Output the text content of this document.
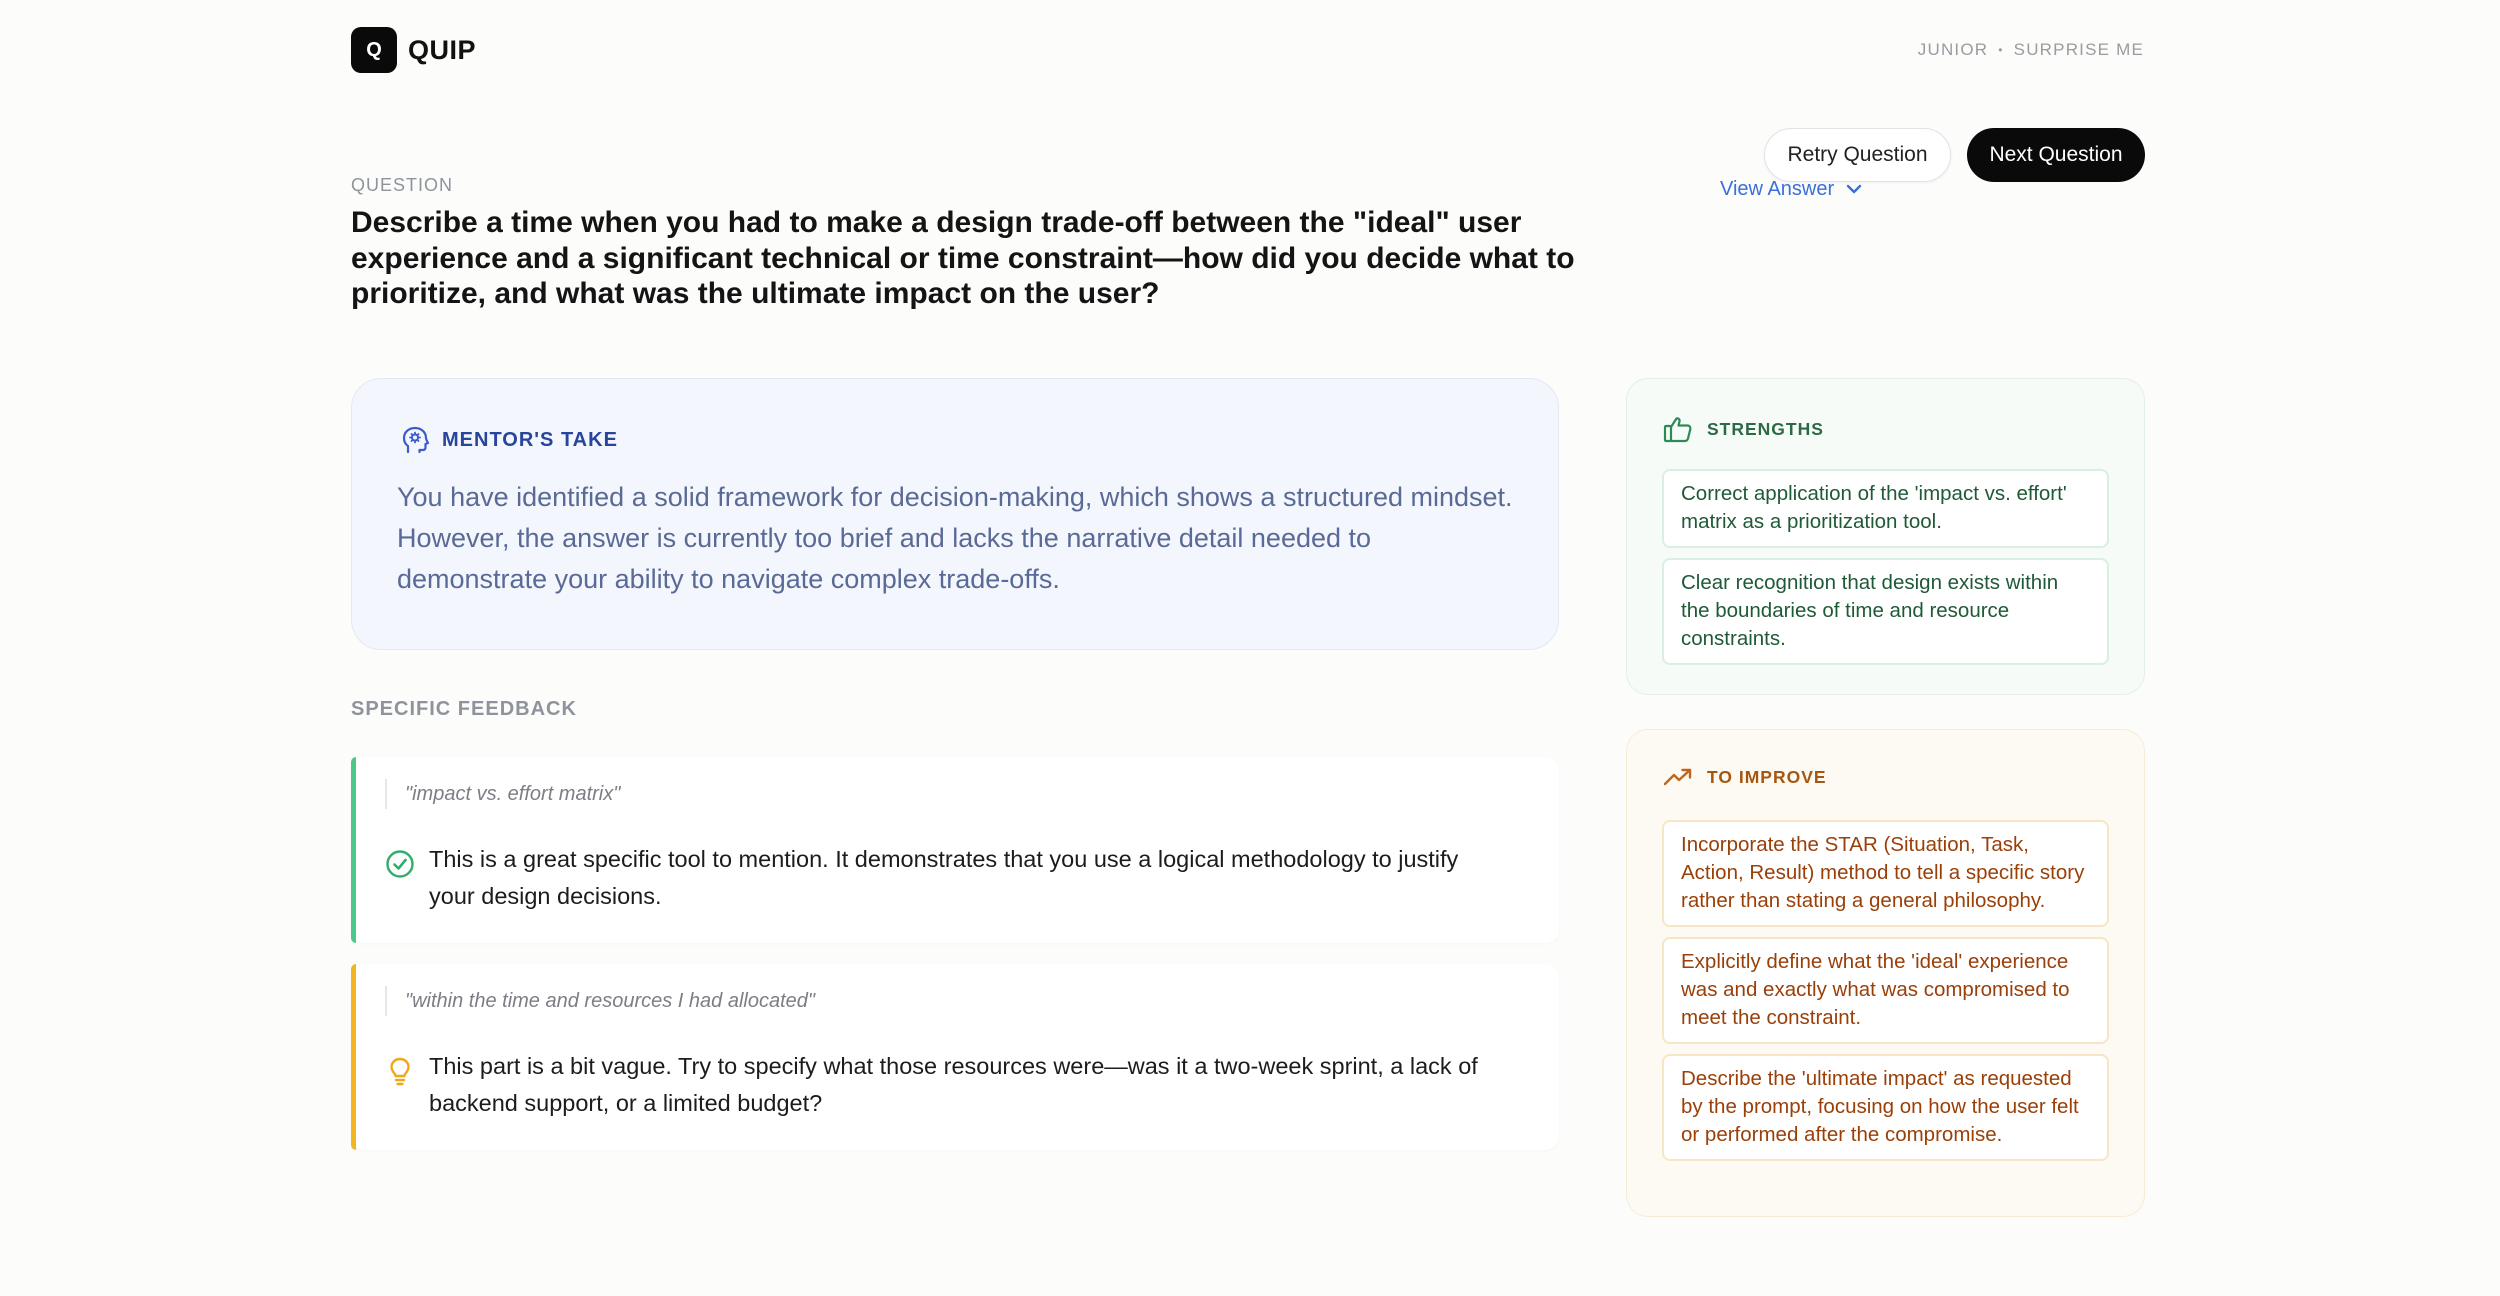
Q QUIP	JUNIOR • SURPRISE ME
Retry Question	Next Question
View Answer
QUESTION
Describe a time when you had to make a design trade-off between the "ideal" user experience and a significant technical or time constraint—how did you decide what to prioritize, and what was the ultimate impact on the user?
MENTOR'S TAKE
You have identified a solid framework for decision-making, which shows a structured mindset. However, the answer is currently too brief and lacks the narrative detail needed to demonstrate your ability to navigate complex trade-offs.
SPECIFIC FEEDBACK
"impact vs. effort matrix"
This is a great specific tool to mention. It demonstrates that you use a logical methodology to justify your design decisions.
"within the time and resources I had allocated"
This part is a bit vague. Try to specify what those resources were—was it a two-week sprint, a lack of backend support, or a limited budget?
STRENGTHS
Correct application of the 'impact vs. effort' matrix as a prioritization tool.
Clear recognition that design exists within the boundaries of time and resource constraints.
TO IMPROVE
Incorporate the STAR (Situation, Task, Action, Result) method to tell a specific story rather than stating a general philosophy.
Explicitly define what the 'ideal' experience was and exactly what was compromised to meet the constraint.
Describe the 'ultimate impact' as requested by the prompt, focusing on how the user felt or performed after the compromise.
